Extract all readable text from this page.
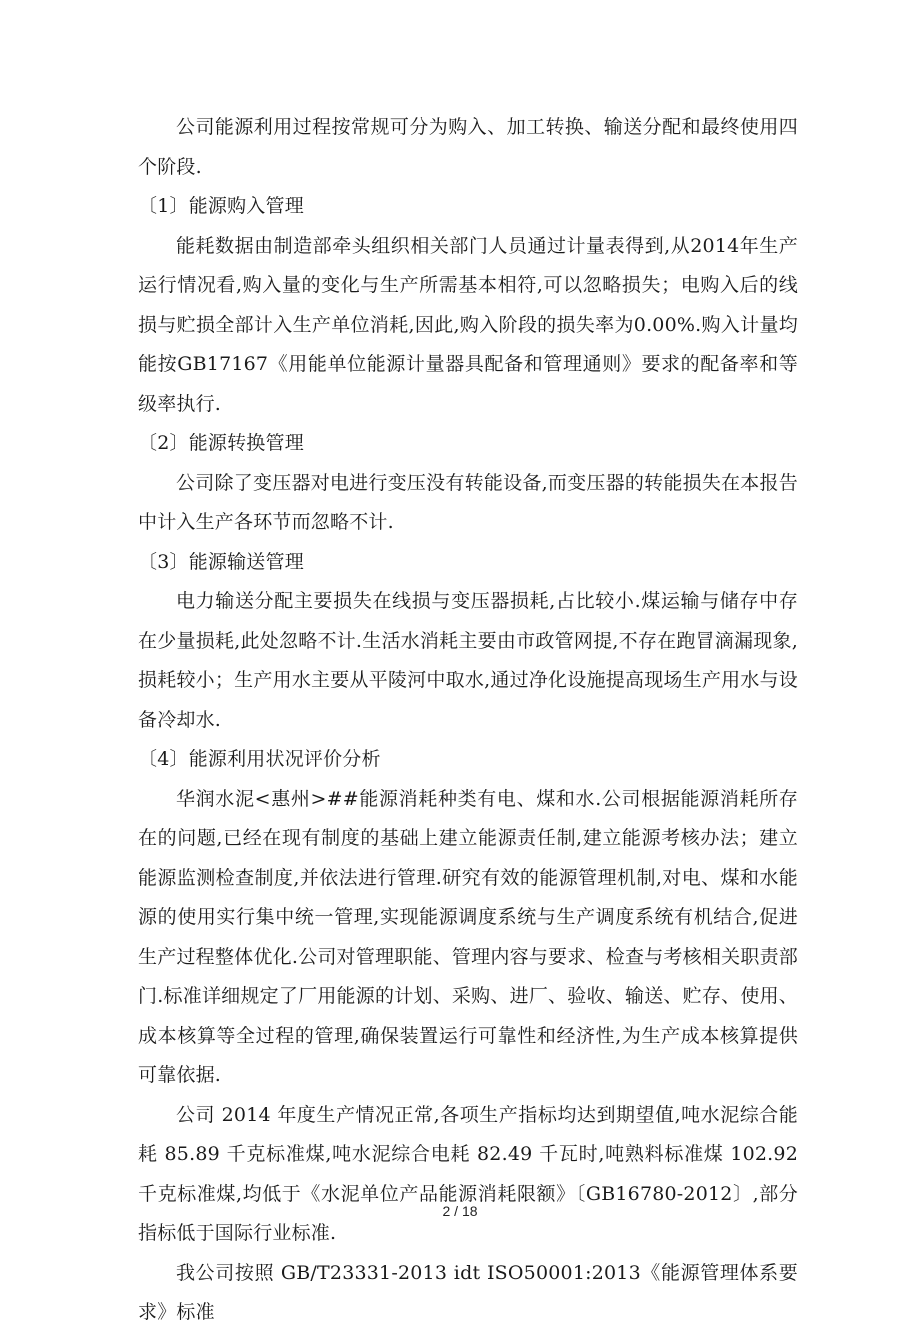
公司能源利用过程按常规可分为购入、加工转换、输送分配和最终使用四个阶段.

〔1〕能源购入管理

能耗数据由制造部牵头组织相关部门人员通过计量表得到,从2014年生产运行情况看,购入量的变化与生产所需基本相符,可以忽略损失；电购入后的线损与贮损全部计入生产单位消耗,因此,购入阶段的损失率为0.00%.购入计量均能按GB17167《用能单位能源计量器具配备和管理通则》要求的配备率和等级率执行.

〔2〕能源转换管理

公司除了变压器对电进行变压没有转能设备,而变压器的转能损失在本报告中计入生产各环节而忽略不计.

〔3〕能源输送管理

电力输送分配主要损失在线损与变压器损耗,占比较小.煤运输与储存中存在少量损耗,此处忽略不计.生活水消耗主要由市政管网提,不存在跑冒滴漏现象,损耗较小；生产用水主要从平陵河中取水,通过净化设施提高现场生产用水与设备冷却水.

〔4〕能源利用状况评价分析

华润水泥<惠州>##能源消耗种类有电、煤和水.公司根据能源消耗所存在的问题,已经在现有制度的基础上建立能源责任制,建立能源考核办法；建立能源监测检查制度,并依法进行管理.研究有效的能源管理机制,对电、煤和水能源的使用实行集中统一管理,实现能源调度系统与生产调度系统有机结合,促进生产过程整体优化.公司对管理职能、管理内容与要求、检查与考核相关职责部门.标准详细规定了厂用能源的计划、采购、进厂、验收、输送、贮存、使用、成本核算等全过程的管理,确保装置运行可靠性和经济性,为生产成本核算提供可靠依据.

公司 2014 年度生产情况正常,各项生产指标均达到期望值,吨水泥综合能耗 85.89 千克标准煤,吨水泥综合电耗 82.49 千瓦时,吨熟料标准煤 102.92 千克标准煤,均低于《水泥单位产品能源消耗限额》〔GB16780-2012〕,部分指标低于国际行业标准.

我公司按照 GB/T23331-2013 idt ISO50001:2013《能源管理体系要求》标准

2 / 18
